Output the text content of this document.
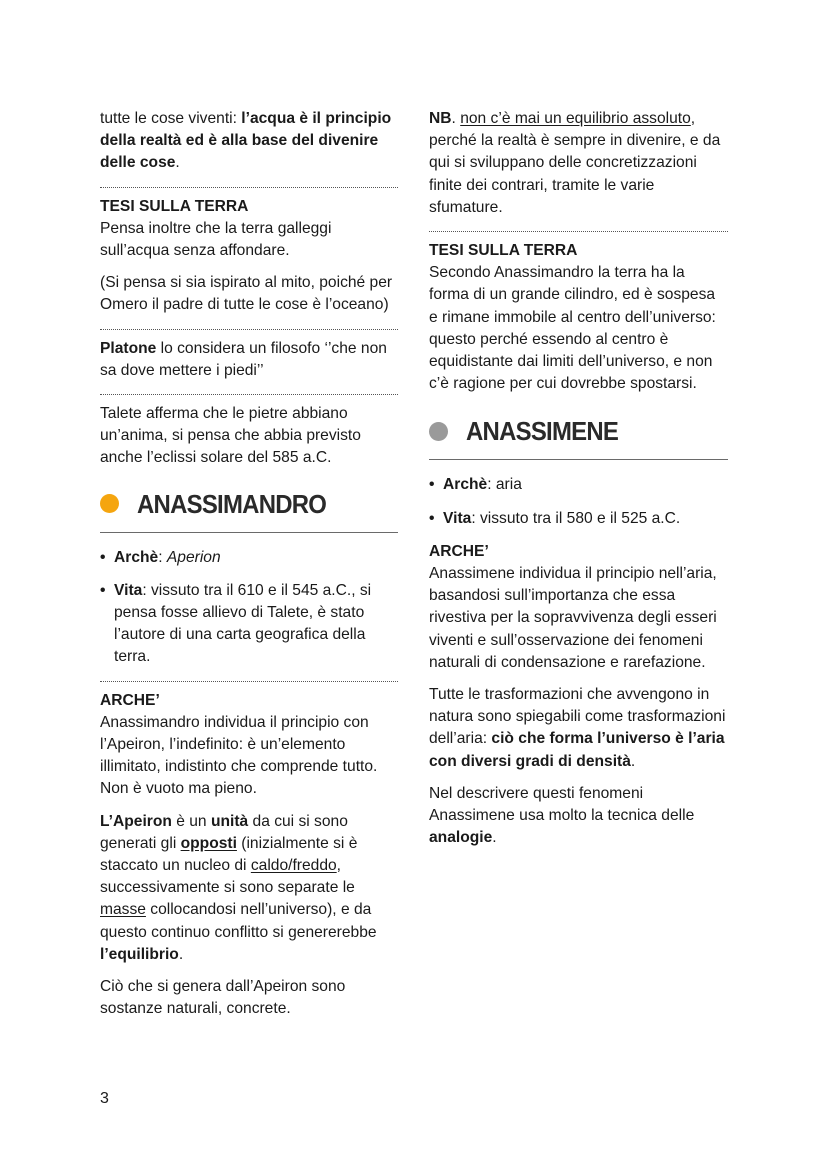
tutte le cose viventi: l’acqua è il principio della realtà ed è alla base del divenire delle cose.

TESI SULLA TERRA

Pensa inoltre che la terra galleggi sull’acqua senza affondare.

(Si pensa si sia ispirato al mito, poiché per Omero il padre di tutte le cose è l’oceano)

Platone lo considera un filosofo ‘’che non sa dove mettere i piedi’’

Talete afferma che le pietre abbiano un’anima, si pensa che abbia previsto anche l’eclissi solare del 585 a.C.

ANASSIMANDRO
• Archè: Aperion
• Vita: vissuto tra il 610 e il 545 a.C., si pensa fosse allievo di Talete, è stato l’autore di una carta geografica della terra.
ARCHE’

Anassimandro individua il principio con l’Apeiron, l’indefinito: è un’elemento illimitato, indistinto che comprende tutto. Non è vuoto ma pieno.

L’Apeiron è un unità da cui si sono generati gli opposti (inizialmente si è staccato un nucleo di caldo/freddo, successivamente si sono separate le masse collocandosi nell’universo), e da questo continuo conflitto si genererebbe l’equilibrio.

Ciò che si genera dall’Apeiron sono sostanze naturali, concrete.

NB. non c’è mai un equilibrio assoluto, perché la realtà è sempre in divenire, e da qui si sviluppano delle concretizzazioni finite dei contrari, tramite le varie sfumature.

TESI SULLA TERRA

Secondo Anassimandro la terra ha la forma di un grande cilindro, ed è sospesa e rimane immobile al centro dell’universo: questo perché essendo al centro è equidistante dai limiti dell’universo, e non c’è ragione per cui dovrebbe spostarsi.

ANASSIMENE
• Archè: aria
• Vita: vissuto tra il 580 e il 525 a.C.
ARCHE’

Anassimene individua il principio nell’aria, basandosi sull’importanza che essa rivestiva per la sopravvivenza degli esseri viventi e sull’osservazione dei fenomeni naturali di condensazione e rarefazione.

Tutte le trasformazioni che avvengono in natura sono spiegabili come trasformazioni dell’aria: ciò che forma l’universo è l’aria con diversi gradi di densità.

Nel descrivere questi fenomeni Anassimene usa molto la tecnica delle analogie.

3
